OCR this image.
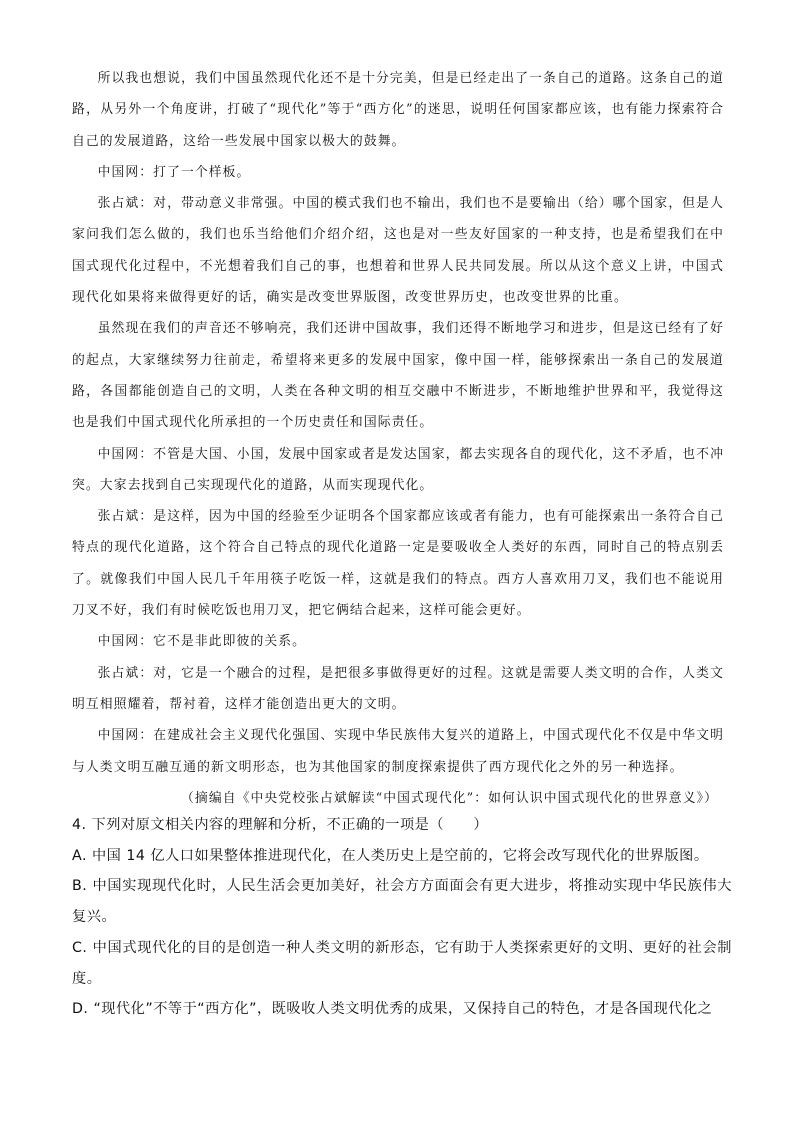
所以我也想说，我们中国虽然现代化还不是十分完美，但是已经走出了一条自己的道路。这条自己的道路，从另外一个角度讲，打破了“现代化”等于“西方化”的迷思，说明任何国家都应该，也有能力探索符合自己的发展道路，这给一些发展中国家以极大的鼓舞。

中国网：打了一个样板。

张占斌：对，带动意义非常强。中国的模式我们也不输出，我们也不是要输出（给）哪个国家，但是人家问我们怎么做的，我们也乐当给他们介绍介绍，这也是对一些友好国家的一种支持，也是希望我们在中国式现代化过程中，不光想着我们自己的事，也想着和世界人民共同发展。所以从这个意义上讲，中国式现代化如果将来做得更好的话，确实是改变世界版图，改变世界历史，也改变世界的比重。

虽然现在我们的声音还不够响亮，我们还讲中国故事，我们还得不断地学习和进步，但是这已经有了好的起点，大家继续努力往前走，希望将来更多的发展中国家，像中国一样，能够探索出一条自己的发展道路，各国都能创造自己的文明，人类在各种文明的相互交融中不断进步，不断地维护世界和平，我觉得这也是我们中国式现代化所承担的一个历史责任和国际责任。

中国网：不管是大国、小国，发展中国家或者是发达国家，都去实现各自的现代化，这不矛盾，也不冲突。大家去找到自己实现现代化的道路，从而实现现代化。

张占斌：是这样，因为中国的经验至少证明各个国家都应该或者有能力，也有可能探索出一条符合自己特点的现代化道路，这个符合自己特点的现代化道路一定是要吸收全人类好的东西，同时自己的特点别丢了。就像我们中国人民几千年用筷子吃饭一样，这就是我们的特点。西方人喜欢用刀叉，我们也不能说用刀叉不好，我们有时候吃饭也用刀叉，把它俩结合起来，这样可能会更好。

中国网：它不是非此即彼的关系。

张占斌：对，它是一个融合的过程，是把很多事做得更好的过程。这就是需要人类文明的合作，人类文明互相照耀着，帮衬着，这样才能创造出更大的文明。

中国网：在建成社会主义现代化强国、实现中华民族伟大复兴的道路上，中国式现代化不仅是中华文明与人类文明互融互通的新文明形态，也为其他国家的制度探索提供了西方现代化之外的另一种选择。

（摘编自《中央党校张占斌解读“中国式现代化”：如何认识中国式现代化的世界意义》）

4. 下列对原文相关内容的理解和分析，不正确的一项是（　　）

A. 中国 14 亿人口如果整体推进现代化，在人类历史上是空前的，它将会改写现代化的世界版图。

B. 中国实现现代化时，人民生活会更加美好，社会方方面面会有更大进步，将推动实现中华民族伟大复兴。

C. 中国式现代化的目的是创造一种人类文明的新形态，它有助于人类探索更好的文明、更好的社会制度。

D. “现代化”不等于“西方化”，既吸收人类文明优秀的成果，又保持自己的特色，才是各国现代化之
